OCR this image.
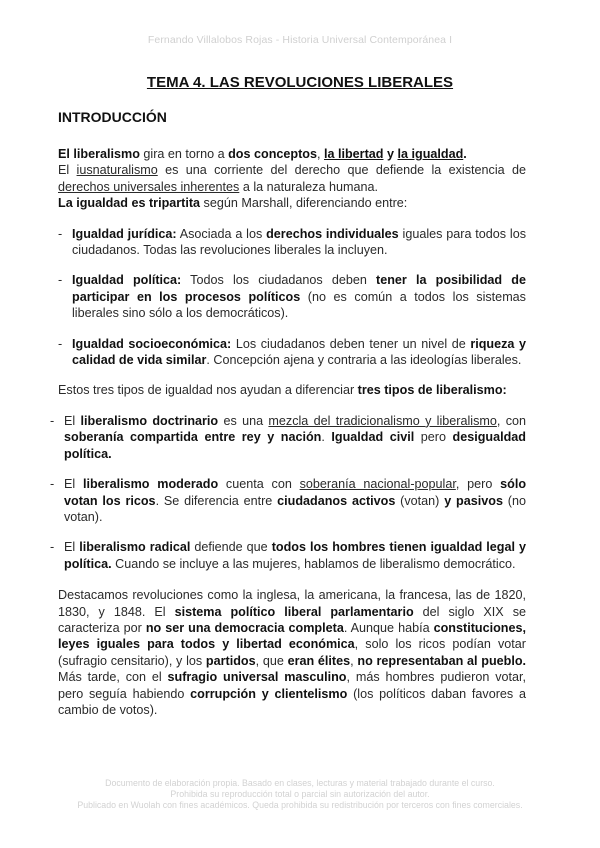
Fernando Villalobos Rojas - Historia Universal Contemporánea I
TEMA 4. LAS REVOLUCIONES LIBERALES
INTRODUCCIÓN

El liberalismo gira en torno a dos conceptos, la libertad y la igualdad.
El iusnaturalismo es una corriente del derecho que defiende la existencia de derechos universales inherentes a la naturaleza humana.
La igualdad es tripartita según Marshall, diferenciando entre:

- Igualdad jurídica: Asociada a los derechos individuales iguales para todos los ciudadanos. Todas las revoluciones liberales la incluyen.

- Igualdad política: Todos los ciudadanos deben tener la posibilidad de participar en los procesos políticos (no es común a todos los sistemas liberales sino sólo a los democráticos).

- Igualdad socioeconómica: Los ciudadanos deben tener un nivel de riqueza y calidad de vida similar. Concepción ajena y contraria a las ideologías liberales.

Estos tres tipos de igualdad nos ayudan a diferenciar tres tipos de liberalismo:

- El liberalismo doctrinario es una mezcla del tradicionalismo y liberalismo, con soberanía compartida entre rey y nación. Igualdad civil pero desigualdad política.

- El liberalismo moderado cuenta con soberanía nacional-popular, pero sólo votan los ricos. Se diferencia entre ciudadanos activos (votan) y pasivos (no votan).

- El liberalismo radical defiende que todos los hombres tienen igualdad legal y política. Cuando se incluye a las mujeres, hablamos de liberalismo democrático.

Destacamos revoluciones como la inglesa, la americana, la francesa, las de 1820, 1830, y 1848. El sistema político liberal parlamentario del siglo XIX se caracteriza por no ser una democracia completa. Aunque había constituciones, leyes iguales para todos y libertad económica, solo los ricos podían votar (sufragio censitario), y los partidos, que eran élites, no representaban al pueblo. Más tarde, con el sufragio universal masculino, más hombres pudieron votar, pero seguía habiendo corrupción y clientelismo (los políticos daban favores a cambio de votos).

Documento de elaboración propia. Basado en clases, lecturas y material trabajado durante el curso.
Prohibida su reproducción total o parcial sin autorización del autor.
Publicado en Wuolah con fines académicos. Queda prohibida su redistribución por terceros con fines comerciales.
